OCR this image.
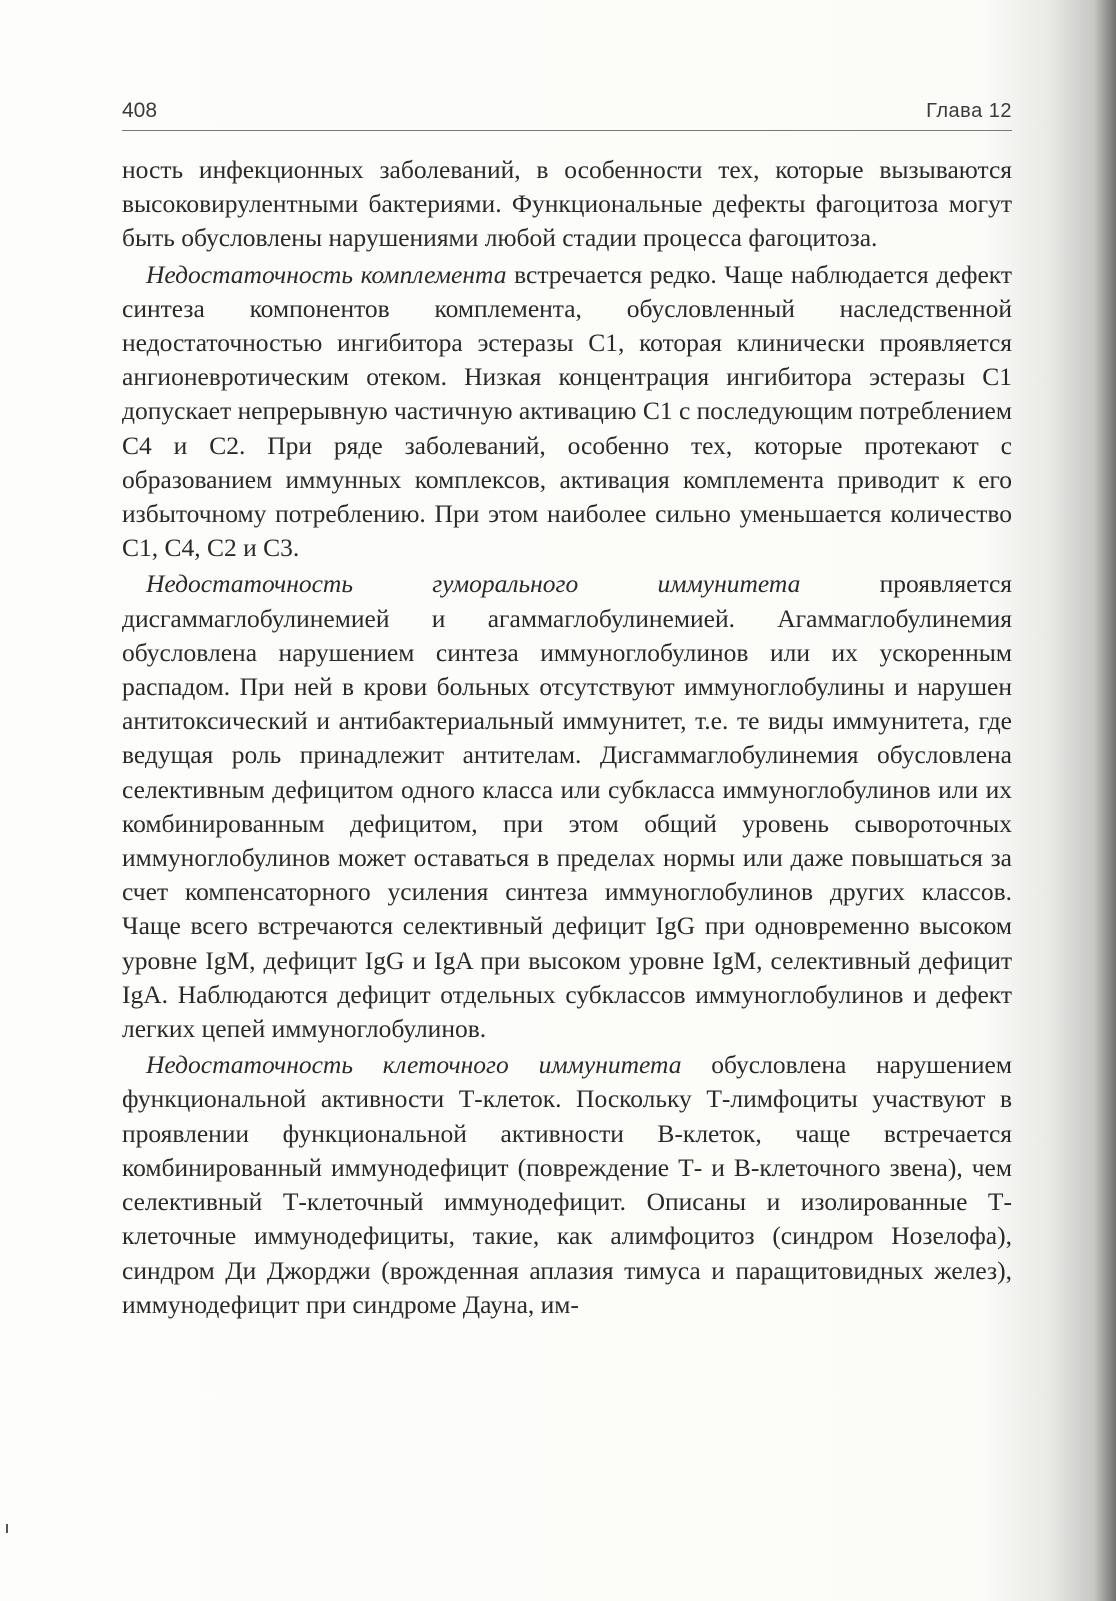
408	Глава 12

ность инфекционных заболеваний, в особенности тех, которые вызываются высоковирулентными бактериями. Функциональные дефекты фагоцитоза могут быть обусловлены нарушениями любой стадии процесса фагоцитоза.

Недостаточность комплемента встречается редко. Чаще наблюдается дефект синтеза компонентов комплемента, обусловленный наследственной недостаточностью ингибитора эстеразы С1, которая клинически проявляется ангионевротическим отеком. Низкая концентрация ингибитора эстеразы С1 допускает непрерывную частичную активацию С1 с последующим потреблением С4 и С2. При ряде заболеваний, особенно тех, которые протекают с образованием иммунных комплексов, активация комплемента приводит к его избыточному потреблению. При этом наиболее сильно уменьшается количество С1, С4, С2 и С3.

Недостаточность гуморального иммунитета проявляется дисгаммаглобулинемией и агаммаглобулинемией. Агаммаглобулинемия обусловлена нарушением синтеза иммуноглобулинов или их ускоренным распадом. При ней в крови больных отсутствуют иммуноглобулины и нарушен антитоксический и антибактериальный иммунитет, т.е. те виды иммунитета, где ведущая роль принадлежит антителам. Дисгаммаглобулинемия обусловлена селективным дефицитом одного класса или субкласса иммуноглобулинов или их комбинированным дефицитом, при этом общий уровень сывороточных иммуноглобулинов может оставаться в пределах нормы или даже повышаться за счет компенсаторного усиления синтеза иммуноглобулинов других классов. Чаще всего встречаются селективный дефицит IgG при одновременно высоком уровне IgM, дефицит IgG и IgA при высоком уровне IgM, селективный дефицит IgA. Наблюдаются дефицит отдельных субклассов иммуноглобулинов и дефект легких цепей иммуноглобулинов.

Недостаточность клеточного иммунитета обусловлена нарушением функциональной активности Т-клеток. Поскольку Т-лимфоциты участвуют в проявлении функциональной активности В-клеток, чаще встречается комбинированный иммунодефицит (повреждение Т- и В-клеточного звена), чем селективный Т-клеточный иммунодефицит. Описаны и изолированные Т-клеточные иммунодефициты, такие, как алимфоцитоз (синдром Нозелофа), синдром Ди Джорджи (врожденная аплазия тимуса и паращитовидных желез), иммунодефицит при синдроме Дауна, им-
